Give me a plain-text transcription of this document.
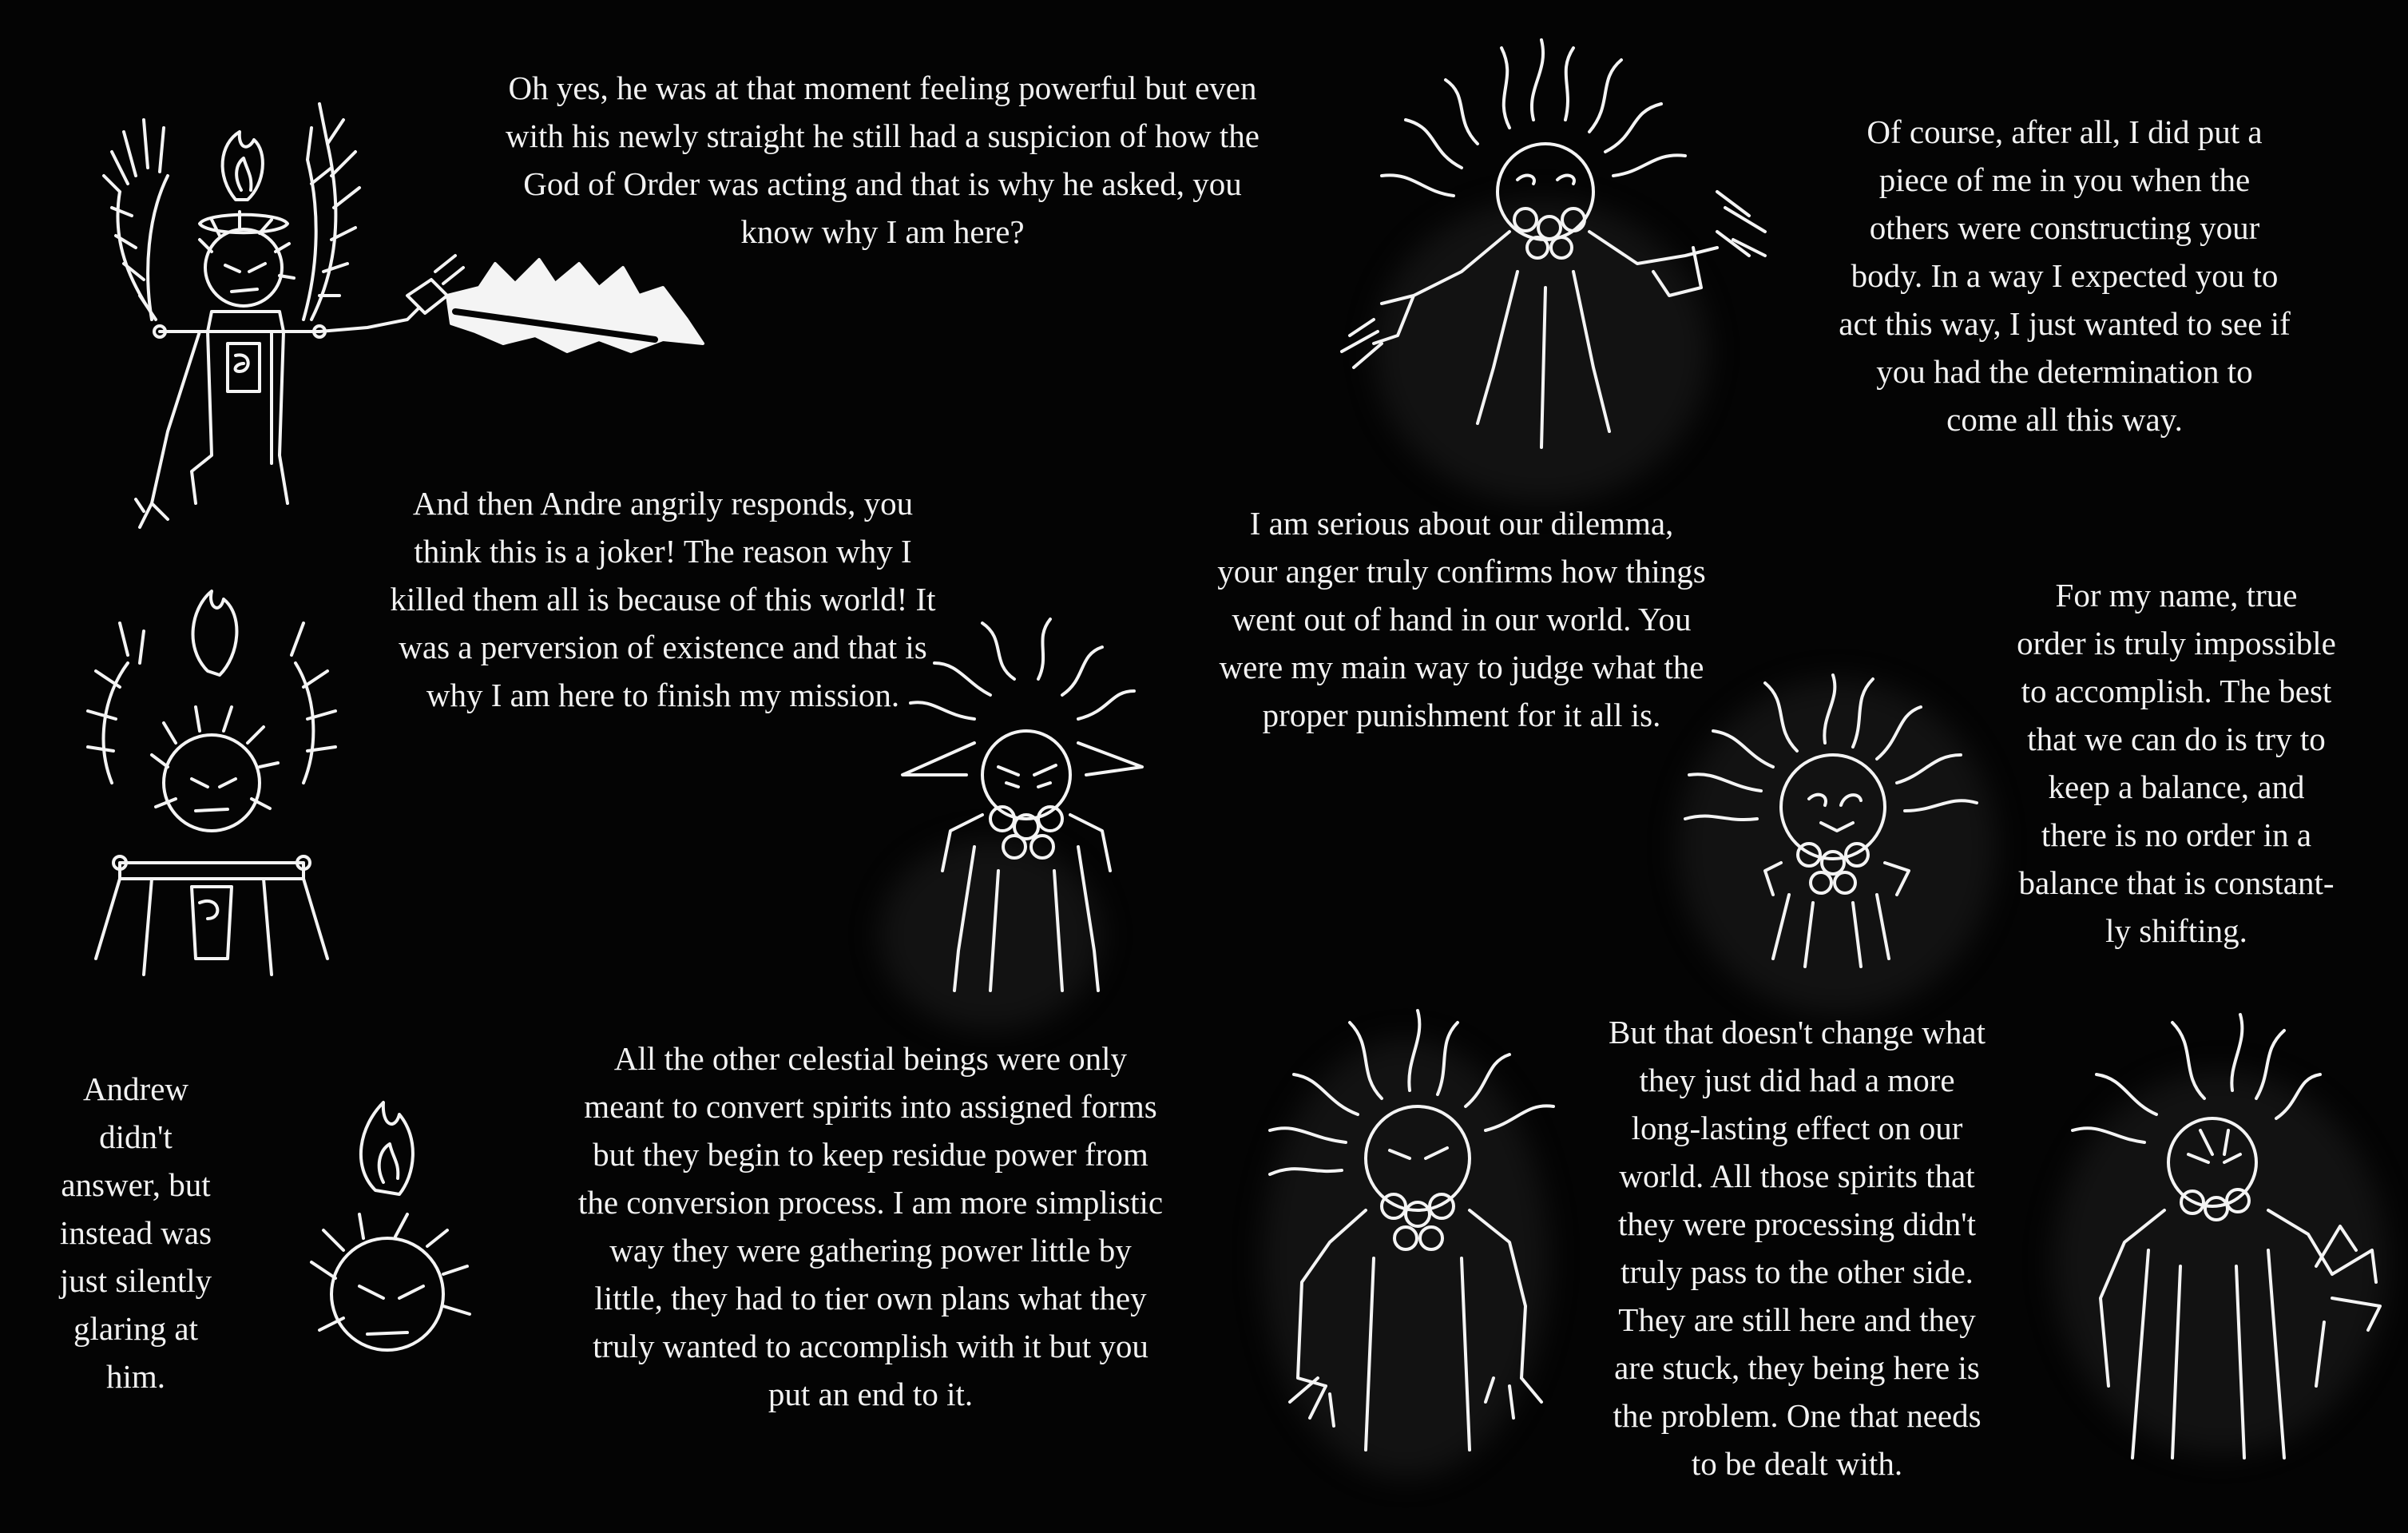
Oh yes, he was at that moment feeling powerful but even
with his newly straight he still had a suspicion of how the
God of Order was acting and that is why he asked, you
know why I am here?
Of course, after all, I did put a
piece of me in you when the
others were constructing your
body. In a way I expected you to
act this way, I just wanted to see if
you had the determination to
come all this way.
And then Andre angrily responds, you
think this is a joker! The reason why I
killed them all is because of this world! It
was a perversion of existence and that is
why I am here to finish my mission.
I am serious about our dilemma,
your anger truly confirms how things
went out of hand in our world. You
were my main way to judge what the
proper punishment for it all is.
For my name, true
order is truly impossible
to accomplish. The best
that we can do is try to
keep a balance, and
there is no order in a
balance that is constant-
ly shifting.
Andrew
didn't
answer, but
instead was
just silently
glaring at
him.
All the other celestial beings were only
meant to convert spirits into assigned forms
but they begin to keep residue power from
the conversion process. I am more simplistic
way they were gathering power little by
little, they had to tier own plans what they
truly wanted to accomplish with it but you
put an end to it.
But that doesn't change what
they just did had a more
long-lasting effect on our
world. All those spirits that
they were processing didn't
truly pass to the other side.
They are still here and they
are stuck, they being here is
the problem. One that needs
to be dealt with.
